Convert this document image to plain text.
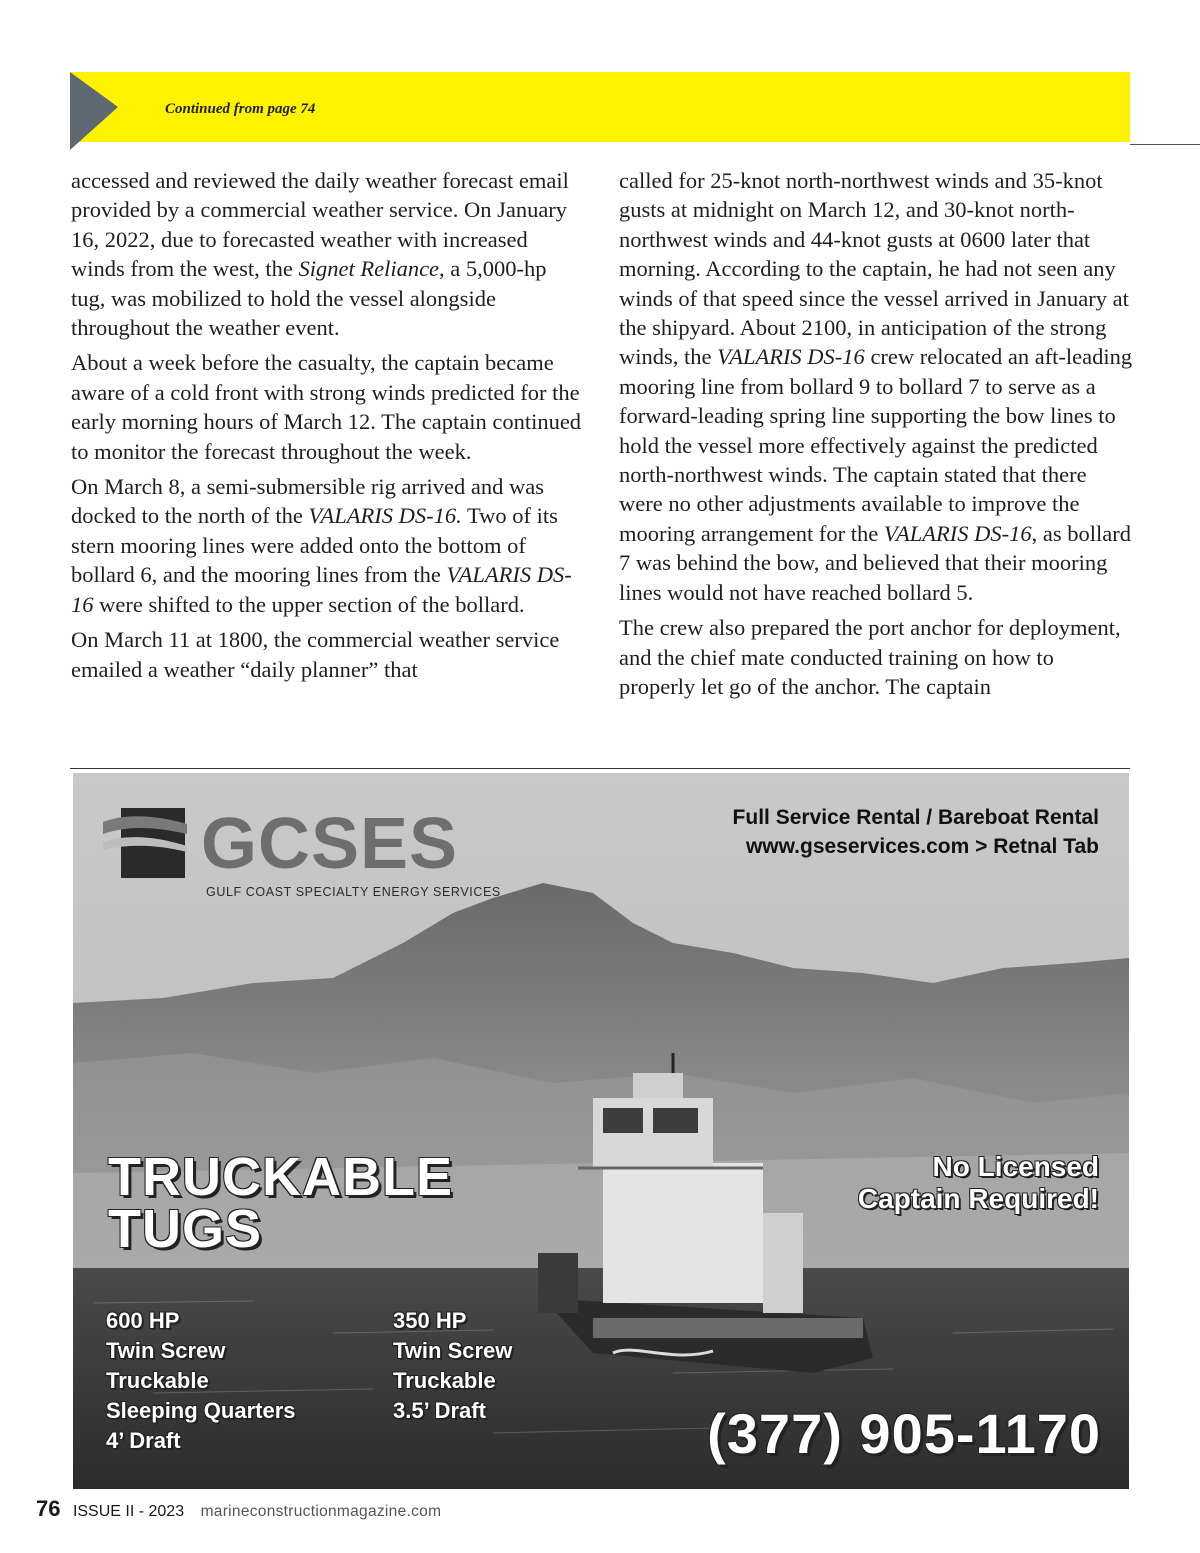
Continued from page 74

accessed and reviewed the daily weather forecast email provided by a commercial weather service. On January 16, 2022, due to forecasted weather with increased winds from the west, the Signet Reliance, a 5,000-hp tug, was mobilized to hold the vessel alongside throughout the weather event.

About a week before the casualty, the captain became aware of a cold front with strong winds predicted for the early morning hours of March 12. The captain continued to monitor the forecast throughout the week.

On March 8, a semi-submersible rig arrived and was docked to the north of the VALARIS DS-16. Two of its stern mooring lines were added onto the bottom of bollard 6, and the mooring lines from the VALARIS DS-16 were shifted to the upper section of the bollard.

On March 11 at 1800, the commercial weather service emailed a weather “daily planner” that

called for 25-knot north-northwest winds and 35-knot gusts at midnight on March 12, and 30-knot north-northwest winds and 44-knot gusts at 0600 later that morning. According to the captain, he had not seen any winds of that speed since the vessel arrived in January at the shipyard. About 2100, in anticipation of the strong winds, the VALARIS DS-16 crew relocated an aft-leading mooring line from bollard 9 to bollard 7 to serve as a forward-leading spring line supporting the bow lines to hold the vessel more effectively against the predicted north-northwest winds. The captain stated that there were no other adjustments available to improve the mooring arrangement for the VALARIS DS-16, as bollard 7 was behind the bow, and believed that their mooring lines would not have reached bollard 5.

The crew also prepared the port anchor for deployment, and the chief mate conducted training on how to properly let go of the anchor. The captain

GCSES
GULF COAST SPECIALTY ENERGY SERVICES
Full Service Rental / Bareboat Rental
www.gseservices.com > Retnal Tab
TRUCKABLE
TUGS
No Licensed
Captain Required!
600 HP
Twin Screw
Truckable
Sleeping Quarters
4’ Draft
350 HP
Twin Screw
Truckable
3.5’ Draft	(377) 905-1170
76 ISSUE II - 2023 marineconstructionmagazine.com
